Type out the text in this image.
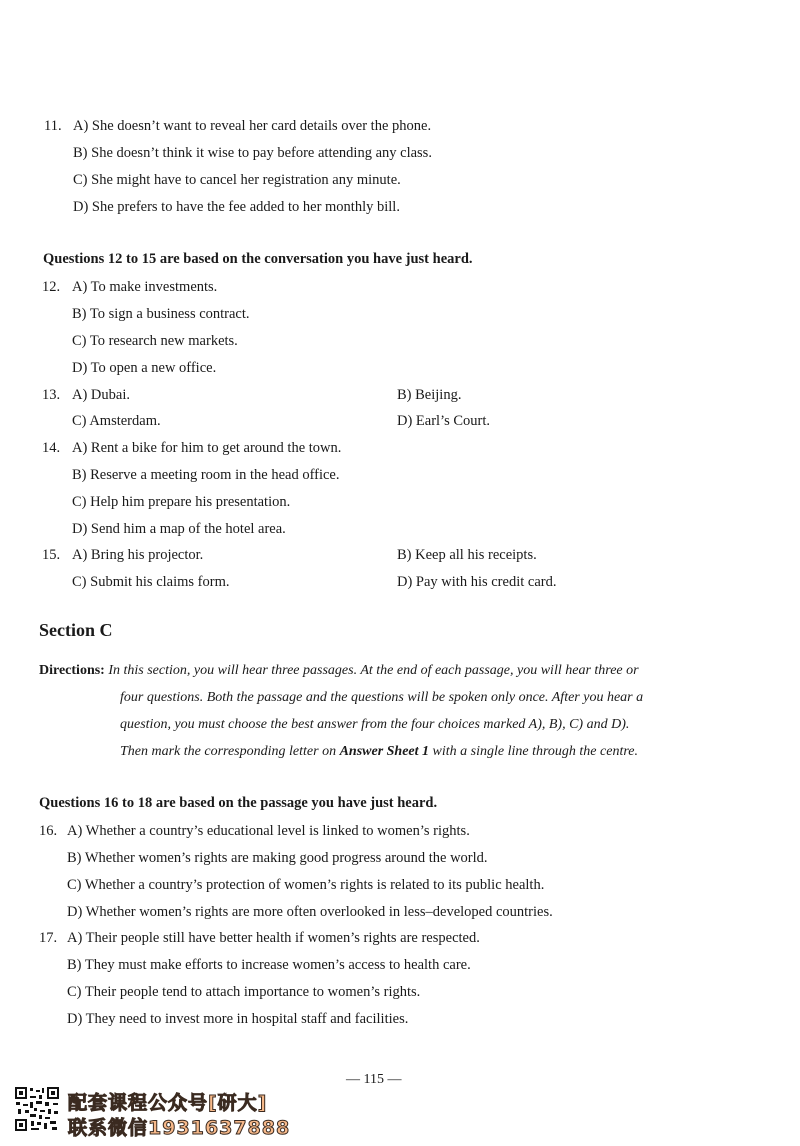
11. A) She doesn’t want to reveal her card details over the phone.
B) She doesn’t think it wise to pay before attending any class.
C) She might have to cancel her registration any minute.
D) She prefers to have the fee added to her monthly bill.
Questions 12 to 15 are based on the conversation you have just heard.
12. A) To make investments.
B) To sign a business contract.
C) To research new markets.
D) To open a new office.
13. A) Dubai.	B) Beijing.
C) Amsterdam.	D) Earl’s Court.
14. A) Rent a bike for him to get around the town.
B) Reserve a meeting room in the head office.
C) Help him prepare his presentation.
D) Send him a map of the hotel area.
15. A) Bring his projector.	B) Keep all his receipts.
C) Submit his claims form.	D) Pay with his credit card.
Section C
Directions: In this section, you will hear three passages. At the end of each passage, you will hear three or
four questions. Both the passage and the questions will be spoken only once. After you hear a
question, you must choose the best answer from the four choices marked A), B), C) and D).
Then mark the corresponding letter on Answer Sheet 1 with a single line through the centre.
Questions 16 to 18 are based on the passage you have just heard.
16. A) Whether a country’s educational level is linked to women’s rights.
B) Whether women’s rights are making good progress around the world.
C) Whether a country’s protection of women’s rights is related to its public health.
D) Whether women’s rights are more often overlooked in less–developed countries.
17. A) Their people still have better health if women’s rights are respected.
B) They must make efforts to increase women’s access to health care.
C) Their people tend to attach importance to women’s rights.
D) They need to invest more in hospital staff and facilities.
— 115 —
配套课程公众号[研大]
联系微信1931637888
